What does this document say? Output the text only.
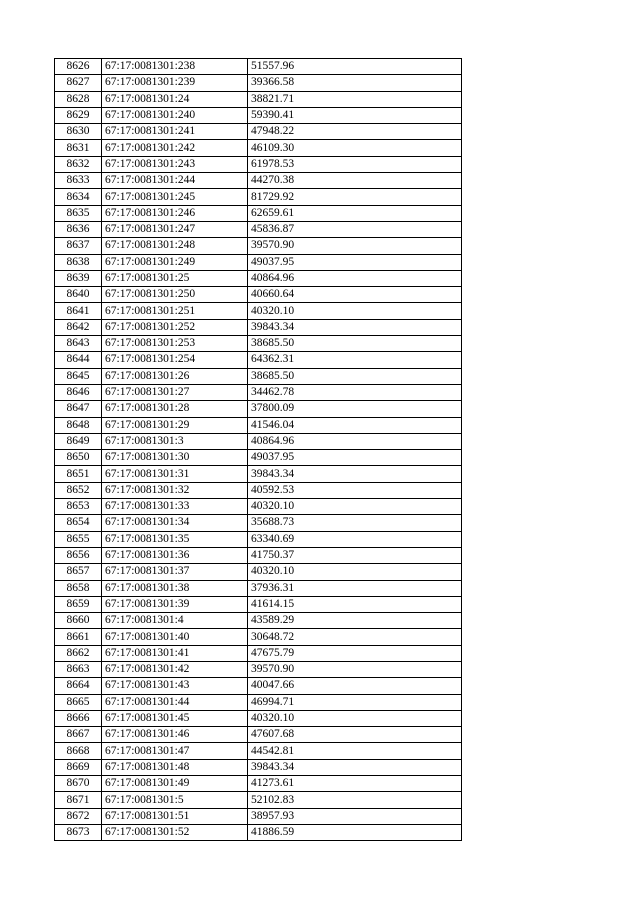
8626	67:17:0081301:238	51557.96
8627	67:17:0081301:239	39366.58
8628	67:17:0081301:24	38821.71
8629	67:17:0081301:240	59390.41
8630	67:17:0081301:241	47948.22
8631	67:17:0081301:242	46109.30
8632	67:17:0081301:243	61978.53
8633	67:17:0081301:244	44270.38
8634	67:17:0081301:245	81729.92
8635	67:17:0081301:246	62659.61
8636	67:17:0081301:247	45836.87
8637	67:17:0081301:248	39570.90
8638	67:17:0081301:249	49037.95
8639	67:17:0081301:25	40864.96
8640	67:17:0081301:250	40660.64
8641	67:17:0081301:251	40320.10
8642	67:17:0081301:252	39843.34
8643	67:17:0081301:253	38685.50
8644	67:17:0081301:254	64362.31
8645	67:17:0081301:26	38685.50
8646	67:17:0081301:27	34462.78
8647	67:17:0081301:28	37800.09
8648	67:17:0081301:29	41546.04
8649	67:17:0081301:3	40864.96
8650	67:17:0081301:30	49037.95
8651	67:17:0081301:31	39843.34
8652	67:17:0081301:32	40592.53
8653	67:17:0081301:33	40320.10
8654	67:17:0081301:34	35688.73
8655	67:17:0081301:35	63340.69
8656	67:17:0081301:36	41750.37
8657	67:17:0081301:37	40320.10
8658	67:17:0081301:38	37936.31
8659	67:17:0081301:39	41614.15
8660	67:17:0081301:4	43589.29
8661	67:17:0081301:40	30648.72
8662	67:17:0081301:41	47675.79
8663	67:17:0081301:42	39570.90
8664	67:17:0081301:43	40047.66
8665	67:17:0081301:44	46994.71
8666	67:17:0081301:45	40320.10
8667	67:17:0081301:46	47607.68
8668	67:17:0081301:47	44542.81
8669	67:17:0081301:48	39843.34
8670	67:17:0081301:49	41273.61
8671	67:17:0081301:5	52102.83
8672	67:17:0081301:51	38957.93
8673	67:17:0081301:52	41886.59
